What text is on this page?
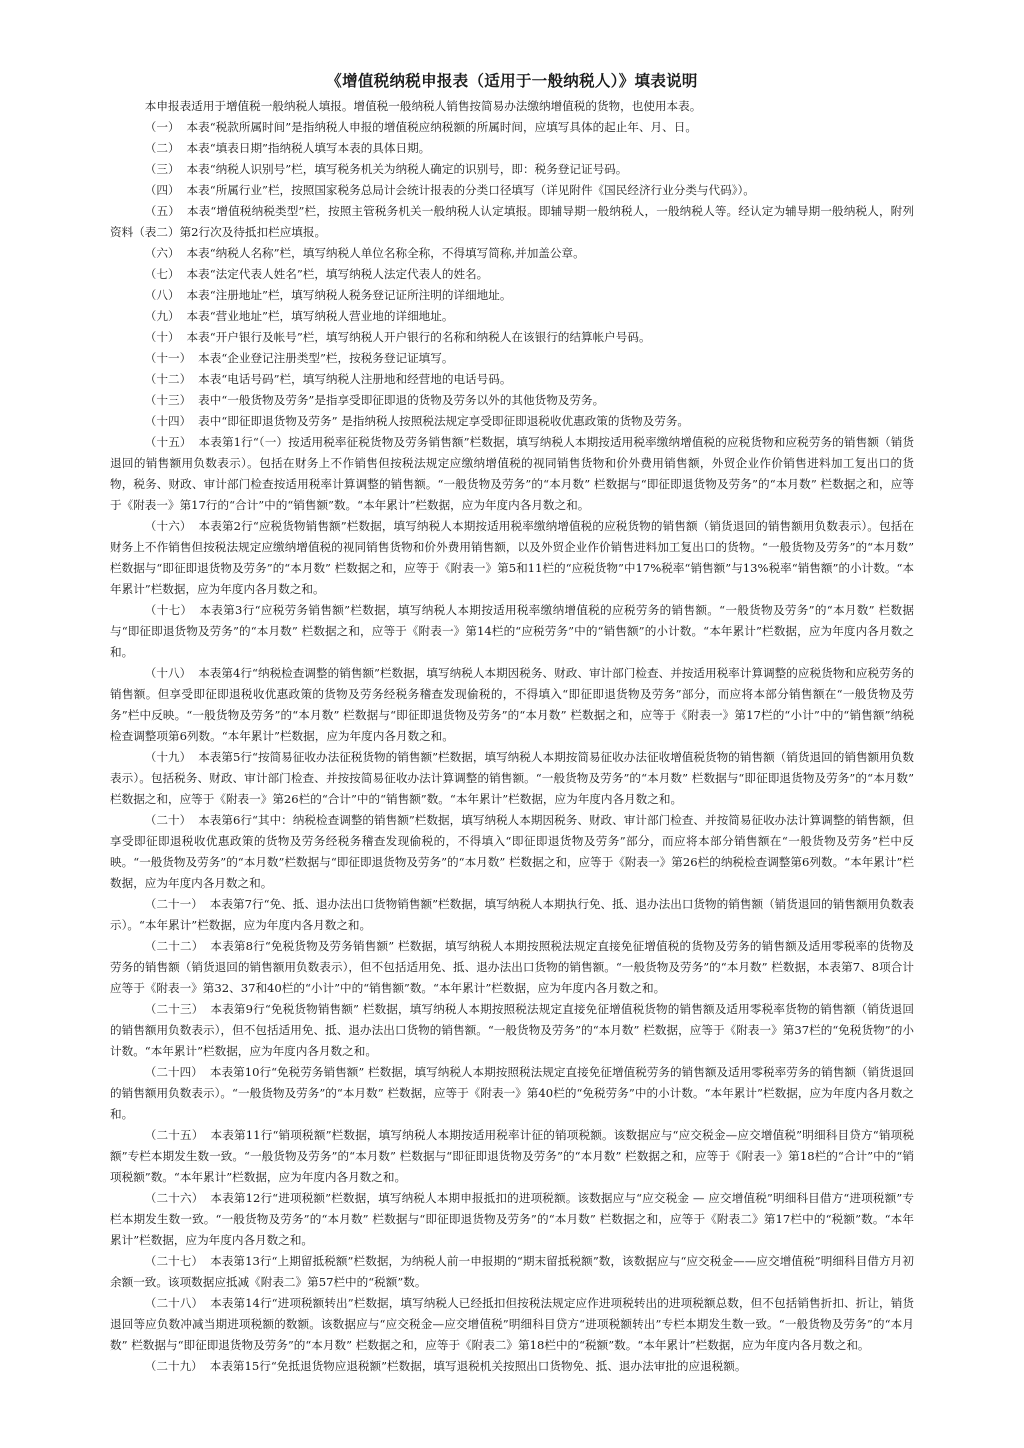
《增值税纳税申报表（适用于一般纳税人）》填表说明

本申报表适用于增值税一般纳税人填报。增值税一般纳税人销售按简易办法缴纳增值税的货物，也使用本表。

（一） 本表“税款所属时间”是指纳税人申报的增值税应纳税额的所属时间，应填写具体的起止年、月、日。

（二） 本表“填表日期”指纳税人填写本表的具体日期。

（三） 本表“纳税人识别号”栏，填写税务机关为纳税人确定的识别号，即：税务登记证号码。

（四） 本表“所属行业”栏，按照国家税务总局计会统计报表的分类口径填写（详见附件《国民经济行业分类与代码》）。

（五） 本表“增值税纳税类型”栏，按照主管税务机关一般纳税人认定填报。即辅导期一般纳税人，一般纳税人等。经认定为辅导期一般纳税人，附列资料（表二）第2行次及待抵扣栏应填报。

（六） 本表“纳税人名称”栏，填写纳税人单位名称全称，不得填写简称,并加盖公章。

（七） 本表“法定代表人姓名”栏，填写纳税人法定代表人的姓名。

（八） 本表“注册地址”栏，填写纳税人税务登记证所注明的详细地址。

（九） 本表“营业地址”栏，填写纳税人营业地的详细地址。

（十） 本表“开户银行及帐号”栏，填写纳税人开户银行的名称和纳税人在该银行的结算帐户号码。

（十一） 本表“企业登记注册类型”栏，按税务登记证填写。

（十二） 本表“电话号码”栏，填写纳税人注册地和经营地的电话号码。

（十三） 表中“一般货物及劳务”是指享受即征即退的货物及劳务以外的其他货物及劳务。

（十四） 表中“即征即退货物及劳务” 是指纳税人按照税法规定享受即征即退税收优惠政策的货物及劳务。

（十五） 本表第1行“（一）按适用税率征税货物及劳务销售额”栏数据，填写纳税人本期按适用税率缴纳增值税的应税货物和应税劳务的销售额（销货退回的销售额用负数表示）。包括在财务上不作销售但按税法规定应缴纳增值税的视同销售货物和价外费用销售额，外贸企业作价销售进料加工复出口的货物，税务、财政、审计部门检查按适用税率计算调整的销售额。“一般货物及劳务”的“本月数” 栏数据与“即征即退货物及劳务”的“本月数” 栏数据之和，应等于《附表一》第17行的“合计”中的“销售额”数。“本年累计”栏数据，应为年度内各月数之和。

（十六） 本表第2行“应税货物销售额”栏数据，填写纳税人本期按适用税率缴纳增值税的应税货物的销售额（销货退回的销售额用负数表示）。包括在财务上不作销售但按税法规定应缴纳增值税的视同销售货物和价外费用销售额，以及外贸企业作价销售进料加工复出口的货物。“一般货物及劳务”的“本月数” 栏数据与“即征即退货物及劳务”的“本月数” 栏数据之和，应等于《附表一》第5和11栏的“应税货物”中17%税率“销售额”与13%税率“销售额”的小计数。“本年累计”栏数据，应为年度内各月数之和。

（十七） 本表第3行“应税劳务销售额”栏数据，填写纳税人本期按适用税率缴纳增值税的应税劳务的销售额。“一般货物及劳务”的“本月数” 栏数据与“即征即退货物及劳务”的“本月数” 栏数据之和，应等于《附表一》第14栏的“应税劳务”中的“销售额”的小计数。“本年累计”栏数据，应为年度内各月数之和。

（十八） 本表第4行“纳税检查调整的销售额”栏数据，填写纳税人本期因税务、财政、审计部门检查、并按适用税率计算调整的应税货物和应税劳务的销售额。但享受即征即退税收优惠政策的货物及劳务经税务稽查发现偷税的，不得填入“即征即退货物及劳务”部分，而应将本部分销售额在“一般货物及劳务”栏中反映。“一般货物及劳务”的“本月数” 栏数据与“即征即退货物及劳务”的“本月数” 栏数据之和，应等于《附表一》第17栏的“小计”中的“销售额”纳税检查调整项第6列数。“本年累计”栏数据，应为年度内各月数之和。

（十九） 本表第5行“按简易征收办法征税货物的销售额”栏数据，填写纳税人本期按简易征收办法征收增值税货物的销售额（销货退回的销售额用负数表示）。包括税务、财政、审计部门检查、并按按简易征收办法计算调整的销售额。“一般货物及劳务”的“本月数” 栏数据与“即征即退货物及劳务”的“本月数” 栏数据之和，应等于《附表一》第26栏的“合计”中的“销售额”数。“本年累计”栏数据，应为年度内各月数之和。

（二十） 本表第6行“其中：纳税检查调整的销售额”栏数据，填写纳税人本期因税务、财政、审计部门检查、并按简易征收办法计算调整的销售额，但享受即征即退税收优惠政策的货物及劳务经税务稽查发现偷税的，不得填入“即征即退货物及劳务”部分，而应将本部分销售额在“一般货物及劳务”栏中反映。“一般货物及劳务”的“本月数”栏数据与“即征即退货物及劳务”的“本月数” 栏数据之和，应等于《附表一》第26栏的纳税检查调整第6列数。“本年累计”栏数据，应为年度内各月数之和。

（二十一） 本表第7行“免、抵、退办法出口货物销售额”栏数据，填写纳税人本期执行免、抵、退办法出口货物的销售额（销货退回的销售额用负数表示）。“本年累计”栏数据，应为年度内各月数之和。

（二十二） 本表第8行“免税货物及劳务销售额” 栏数据，填写纳税人本期按照税法规定直接免征增值税的货物及劳务的销售额及适用零税率的货物及劳务的销售额（销货退回的销售额用负数表示），但不包括适用免、抵、退办法出口货物的销售额。“一般货物及劳务”的“本月数” 栏数据，本表第7、8项合计应等于《附表一》第32、37和40栏的“小计”中的“销售额”数。“本年累计”栏数据，应为年度内各月数之和。

（二十三） 本表第9行“免税货物销售额” 栏数据，填写纳税人本期按照税法规定直接免征增值税货物的销售额及适用零税率货物的销售额（销货退回的销售额用负数表示），但不包括适用免、抵、退办法出口货物的销售额。“一般货物及劳务”的“本月数” 栏数据，应等于《附表一》第37栏的“免税货物”的小计数。“本年累计”栏数据，应为年度内各月数之和。

（二十四） 本表第10行“免税劳务销售额” 栏数据，填写纳税人本期按照税法规定直接免征增值税劳务的销售额及适用零税率劳务的销售额（销货退回的销售额用负数表示）。“一般货物及劳务”的“本月数” 栏数据，应等于《附表一》第40栏的“免税劳务”中的小计数。“本年累计”栏数据，应为年度内各月数之和。

（二十五） 本表第11行“销项税额”栏数据，填写纳税人本期按适用税率计征的销项税额。该数据应与“应交税金—应交增值税”明细科目贷方“销项税额”专栏本期发生数一致。“一般货物及劳务”的“本月数” 栏数据与“即征即退货物及劳务”的“本月数” 栏数据之和，应等于《附表一》第18栏的“合计”中的“销项税额”数。“本年累计”栏数据，应为年度内各月数之和。

（二十六） 本表第12行“进项税额”栏数据，填写纳税人本期申报抵扣的进项税额。该数据应与“应交税金 — 应交增值税”明细科目借方“进项税额”专栏本期发生数一致。“一般货物及劳务”的“本月数” 栏数据与“即征即退货物及劳务”的“本月数” 栏数据之和，应等于《附表二》第17栏中的“税额”数。“本年累计”栏数据，应为年度内各月数之和。

（二十七） 本表第13行“上期留抵税额”栏数据，为纳税人前一申报期的“期末留抵税额”数，该数据应与“应交税金——应交增值税”明细科目借方月初余额一致。该项数据应抵减《附表二》第57栏中的“税额”数。

（二十八） 本表第14行“进项税额转出”栏数据，填写纳税人已经抵扣但按税法规定应作进项税转出的进项税额总数，但不包括销售折扣、折让，销货退回等应负数冲减当期进项税额的数额。该数据应与“应交税金—应交增值税”明细科目贷方“进项税额转出”专栏本期发生数一致。“一般货物及劳务”的“本月数” 栏数据与“即征即退货物及劳务”的“本月数” 栏数据之和，应等于《附表二》第18栏中的“税额”数。“本年累计”栏数据，应为年度内各月数之和。

（二十九） 本表第15行“免抵退货物应退税额”栏数据，填写退税机关按照出口货物免、抵、退办法审批的应退税额。
